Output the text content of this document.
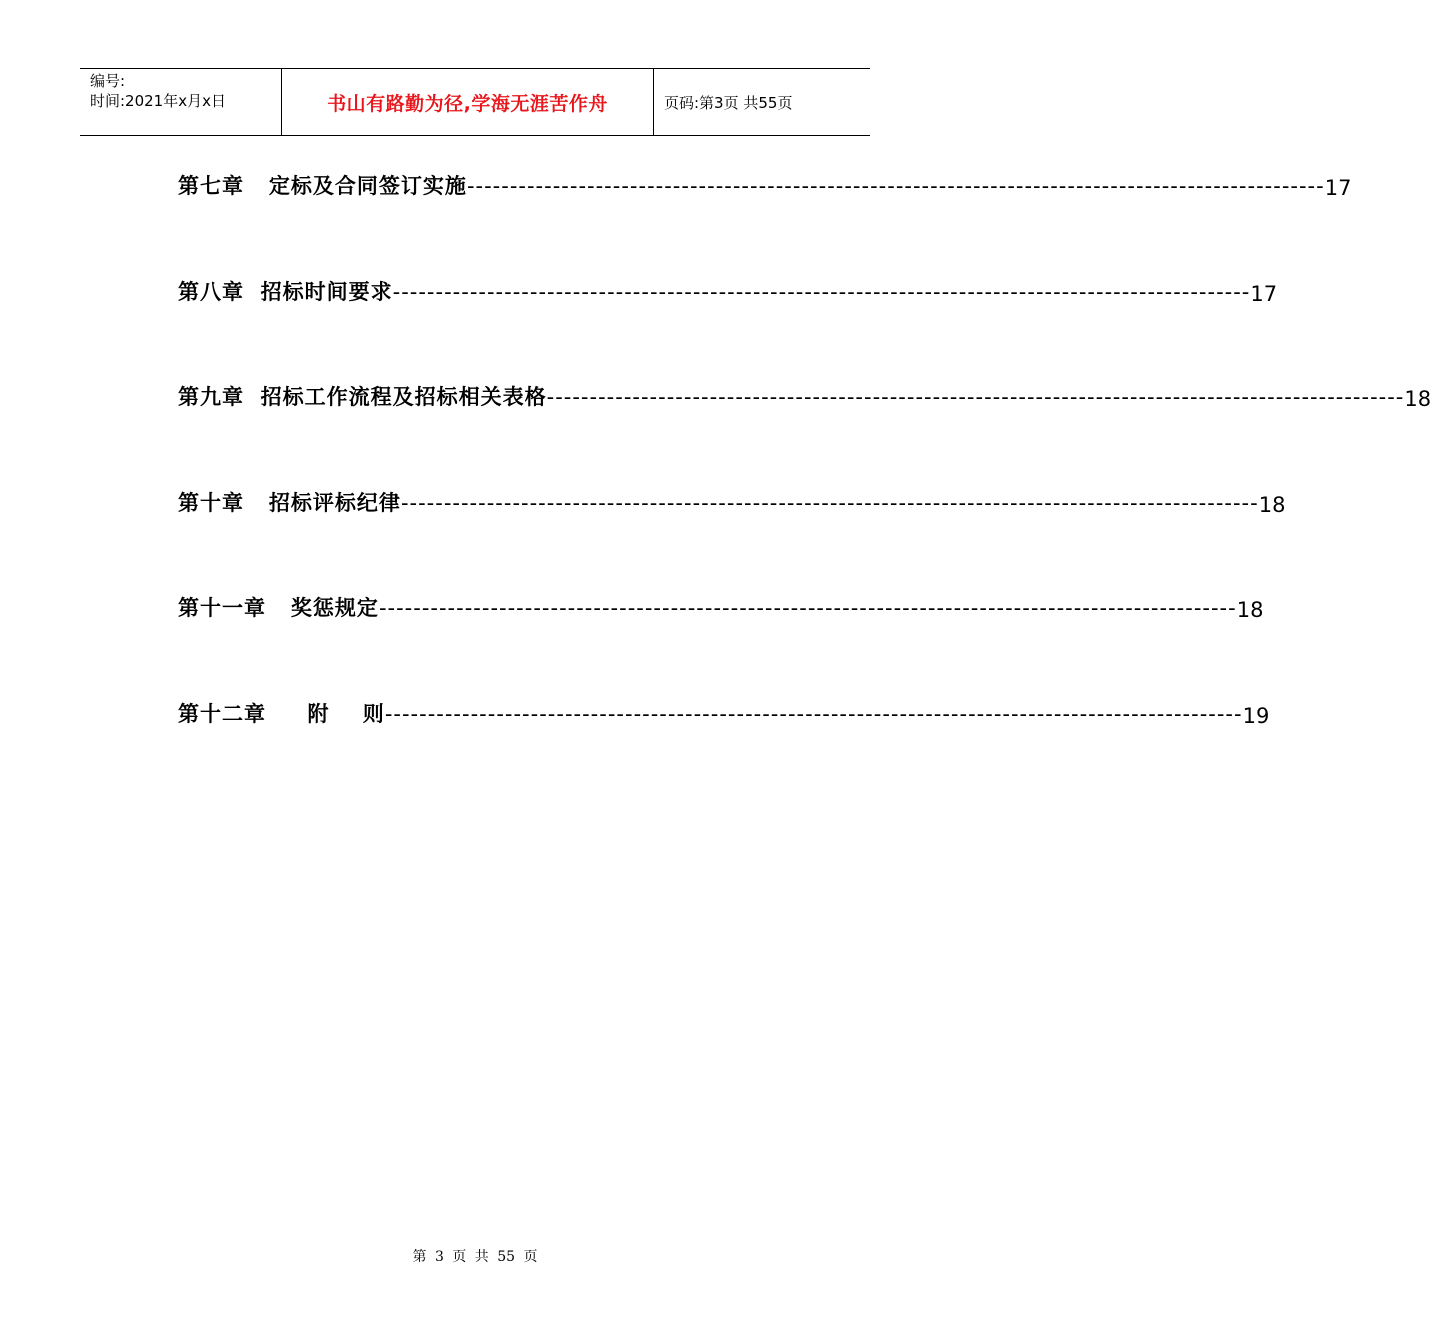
编号:
时间:2021年x月x日	书山有路勤为径,学海无涯苦作舟	页码:第3页 共55页
第七章   定标及合同签订实施 ---------------------------------------------------------------------------------------------------- 17
第八章  招标时间要求 ---------------------------------------------------------------------------------------------------- 17
第九章  招标工作流程及招标相关表格 ---------------------------------------------------------------------------------------------------- 18
第十章   招标评标纪律 ---------------------------------------------------------------------------------------------------- 18
第十一章   奖惩规定 ---------------------------------------------------------------------------------------------------- 18
第十二章     附    则 ---------------------------------------------------------------------------------------------------- 19
第 3 页 共 55 页
